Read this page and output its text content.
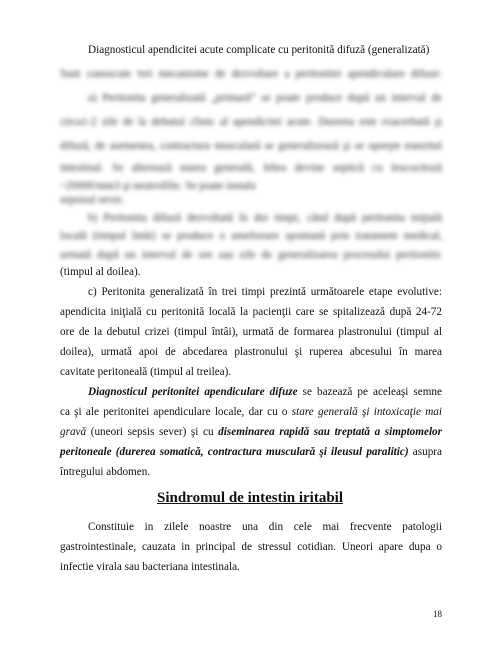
Diagnosticul apendicitei acute complicate cu peritonită difuză (generalizată)
Sunt cunoscute trei mecanisme de dezvoltare a peritonitei apendiculare difuze:
a) Peritonita generalizată „primară” se poate produce după un interval de
circa1-2 zile de la debutul clinic al apendicitei acute. Durerea este exacerbată şi
difuză, de asemenea, contractura musculară se generalizează şi se opreşte tranzitul
intestinal. Se alterează starea generală, febra devine septică cu leucocitoză
~20000/mm3 şi neutrofilie. Se poate instala
sepsisul sever.
b) Peritonita difuză dezvoltată în doi timpi, când după peritonita iniţială
locală (timpul întâi) se produce o ameliorare spontană prin tratament medical,
urmată după un interval de ore sau zile de generalizarea procesului peritonitic
(timpul al doilea).
c) Peritonita generalizată în trei timpi prezintă următoarele etape evolutive:
apendicita iniţială cu peritonită locală la pacienţii care se spitalizează după 24-72
ore de la debutul crizei (timpul întâi), urmată de formarea plastronului (timpul al
doilea), urmată apoi de abcedarea plastronului şi ruperea abcesului în marea
cavitate peritoneală (timpul al treilea).
Diagnosticul peritonitei apendiculare difuze se bazează pe aceleaşi semne
ca şi ale peritonitei apendiculare locale, dar cu o stare generală şi intoxicaţie mai
gravă (uneori sepsis sever) şi cu diseminarea rapidă sau treptată a simptomelor
peritoneale (durerea somatică, contractura musculară şi ileusul paralitic) asupra
întregului abdomen.
Sindromul de intestin iritabil
Constituie in zilele noastre una din cele mai frecvente patologii
gastrointestinale, cauzata in principal de stressul cotidian. Uneori apare dupa o
infectie virala sau bacteriana intestinala.
18
